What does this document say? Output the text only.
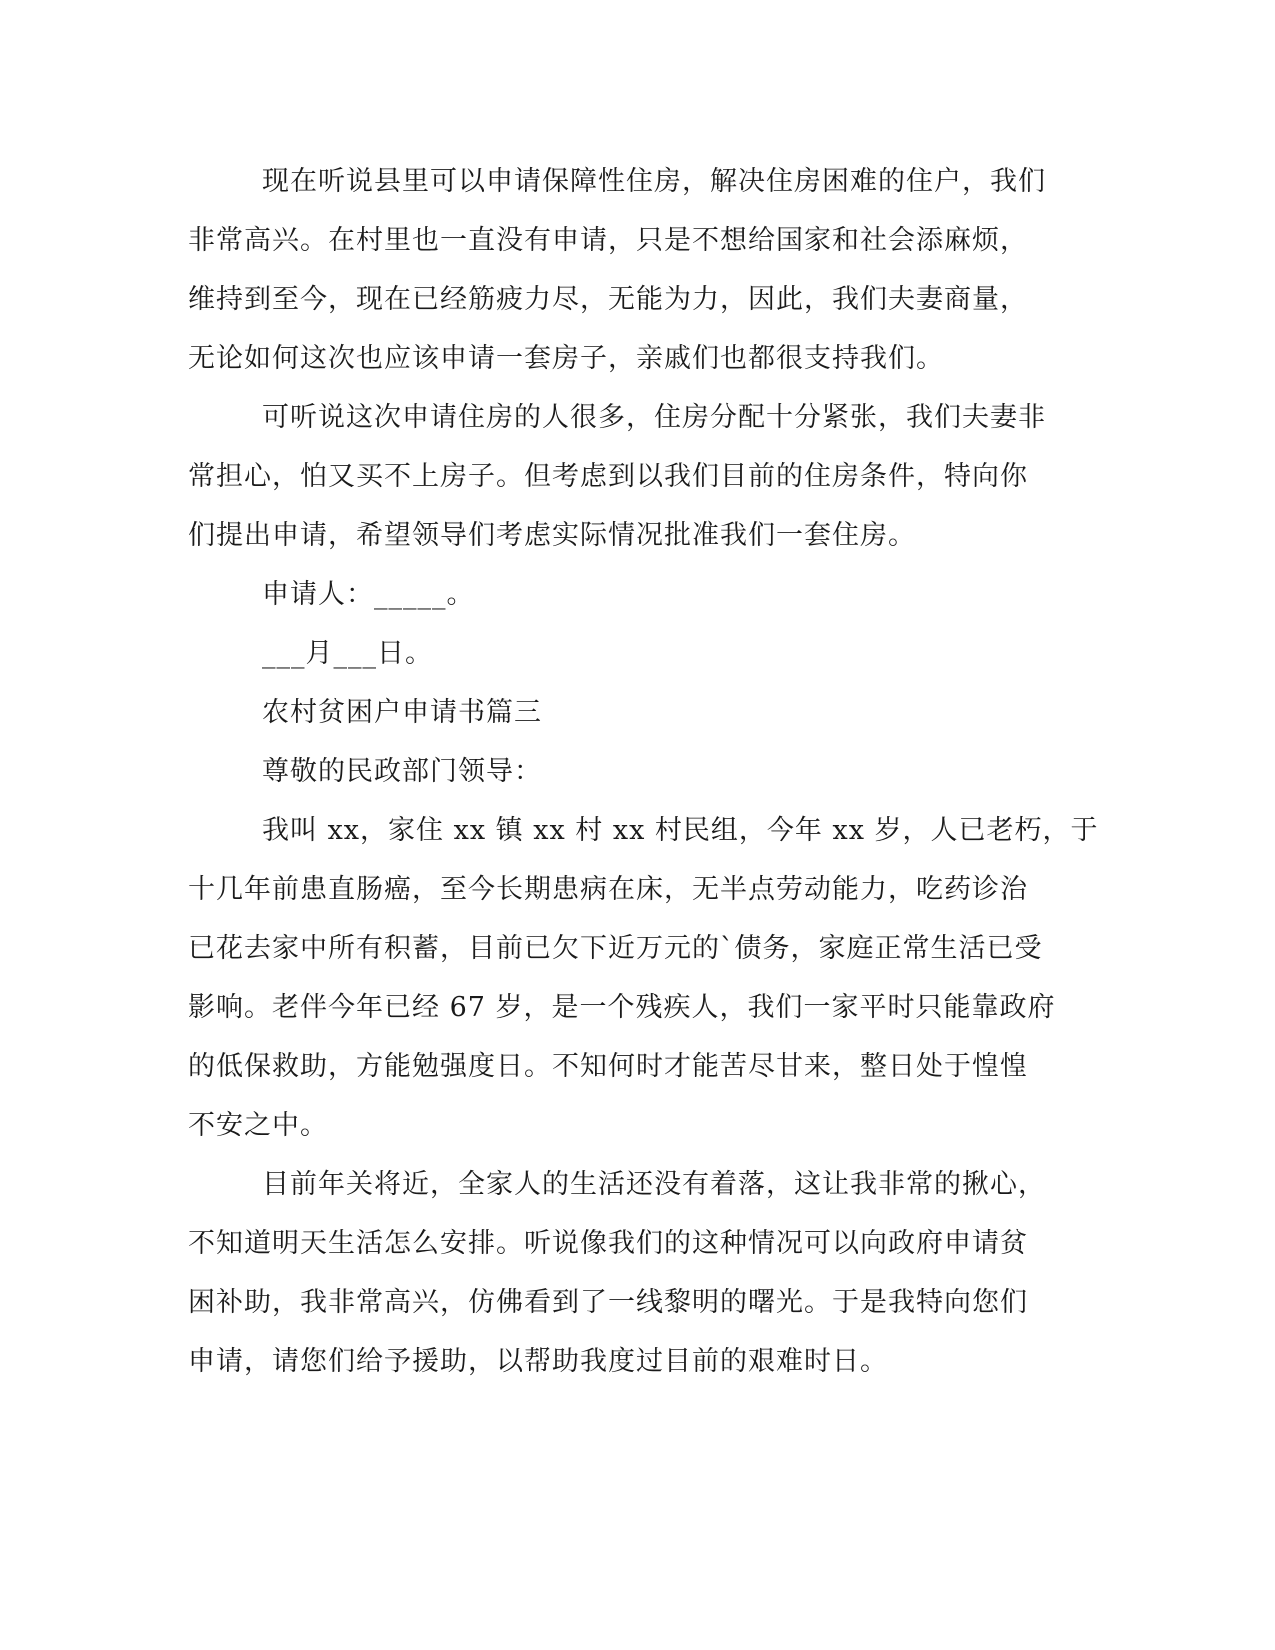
现在听说县里可以申请保障性住房，解决住房困难的住户，我们
非常高兴。在村里也一直没有申请，只是不想给国家和社会添麻烦，
维持到至今，现在已经筋疲力尽，无能为力，因此，我们夫妻商量，
无论如何这次也应该申请一套房子，亲戚们也都很支持我们。
可听说这次申请住房的人很多，住房分配十分紧张，我们夫妻非
常担心，怕又买不上房子。但考虑到以我们目前的住房条件，特向你
们提出申请，希望领导们考虑实际情况批准我们一套住房。
申请人：_____。
___月___日。
农村贫困户申请书篇三
尊敬的民政部门领导：
我叫 xx，家住 xx 镇 xx 村 xx 村民组，今年 xx 岁，人已老朽，于
十几年前患直肠癌，至今长期患病在床，无半点劳动能力，吃药诊治
已花去家中所有积蓄，目前已欠下近万元的`债务，家庭正常生活已受
影响。老伴今年已经 67 岁，是一个残疾人，我们一家平时只能靠政府
的低保救助，方能勉强度日。不知何时才能苦尽甘来，整日处于惶惶
不安之中。
目前年关将近，全家人的生活还没有着落，这让我非常的揪心，
不知道明天生活怎么安排。听说像我们的这种情况可以向政府申请贫
困补助，我非常高兴，仿佛看到了一线黎明的曙光。于是我特向您们
申请，请您们给予援助，以帮助我度过目前的艰难时日。
